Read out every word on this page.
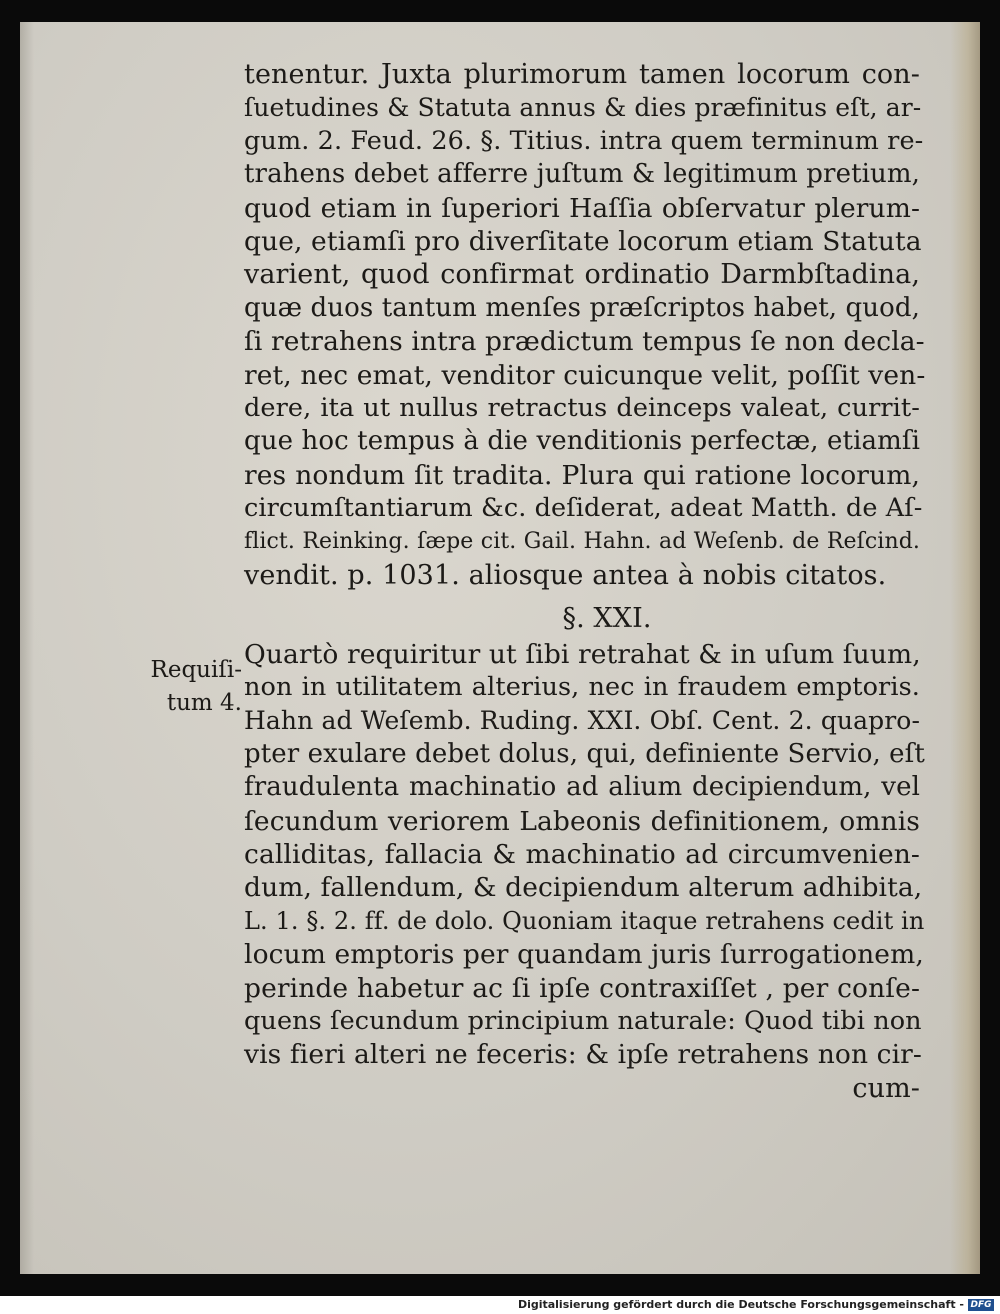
tenentur. Juxta plurimorum tamen locorum con-
ſuetudines & Statuta annus & dies præfinitus eſt, ar-
gum. 2. Feud. 26. §. Titius. intra quem terminum re-
trahens debet afferre juſtum & legitimum pretium,
quod etiam in ſuperiori Haſſia obſervatur plerum-
que, etiamſi pro diverſitate locorum etiam Statuta
varient, quod confirmat ordinatio Darmbſtadina,
quæ duos tantum menſes præſcriptos habet, quod,
ſi retrahens intra prædictum tempus ſe non decla-
ret, nec emat, venditor cuicunque velit, poſſit ven-
dere, ita ut nullus retractus deinceps valeat, currit-
que hoc tempus à die venditionis perfectæ, etiamſi
res nondum ſit tradita. Plura qui ratione locorum,
circumſtantiarum &c. deſiderat, adeat Matth. de Aſ-
flict. Reinking. ſæpe cit. Gail. Hahn. ad Weſenb. de Reſcind.
vendit. p. 1031. aliosque antea à nobis citatos.
§. XXI.
Quartò requiritur ut ſibi retrahat & in uſum ſuum,
non in utilitatem alterius, nec in fraudem emptoris.
Hahn ad Weſemb. Ruding. XXI. Obſ. Cent. 2. quapro-
pter exulare debet dolus, qui, definiente Servio, eſt
fraudulenta machinatio ad alium decipiendum, vel
ſecundum veriorem Labeonis definitionem, omnis
calliditas, fallacia & machinatio ad circumvenien-
dum, fallendum, & decipiendum alterum adhibita,
L. 1. §. 2. ff. de dolo. Quoniam itaque retrahens cedit in
locum emptoris per quandam juris ſurrogationem,
perinde habetur ac ſi ipſe contraxiſſet , per conſe-
quens ſecundum principium naturale: Quod tibi non
vis fieri alteri ne feceris: & ipſe retrahens non cir-
cum-
Requiſi-
tum 4.
Digitalisierung gefördert durch die Deutsche Forschungsgemeinschaft - DFG
